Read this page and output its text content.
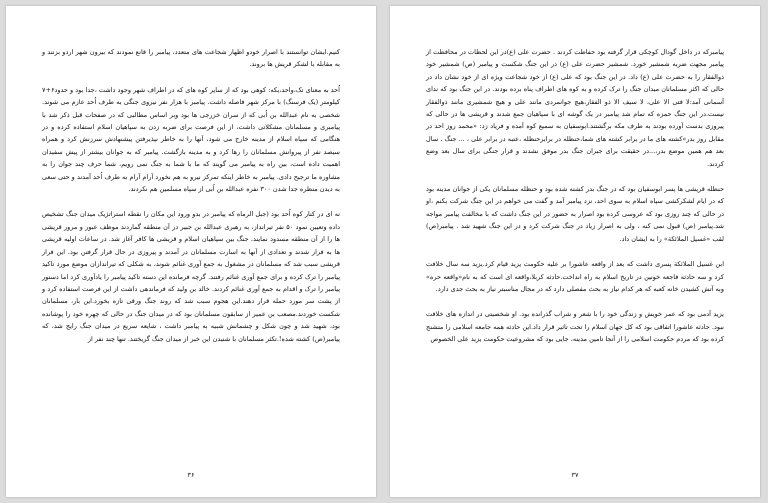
کنیم.ایشان توانستند با اصرار خودو اظهار شجاعت های متعدد، پیامبر را قانع نمودند که بیرون شهر اردو بزنند و به مقابله با لشکر قریش ها بروند.

اُحد به معنای تک،واحد،یکه: کوهی بود که از سایر کوه های که در اطراف شهر وجود داشت ،جدا بود و حدود۶+۷ کیلومتر (یک فرسنگ) با مرکز شهر فاصله داشت. پیامبر با هزار نفر نیروی جنگی به طرف اُحد عازم می شوند. شخصی به نام عبدالله بن اُبی که از سران خزرجی ها بود وبر اساس مطالبی که در صفحات قبل ذکر شد با پیامبری و مسلمانان مشکلاتی داشت، از این فرصت برای ضربه زدن به سپاهیان اسلام استفاده کرده و در هنگامی که سپاه اسلام از مدینه خارج می شود، آنها را به خاطر نپذیرفتن پیشنهادش سرزنش کرد و همراه سیصد نفر از پیروانش مسلمانان را رها کرد و به مدینه بازگشت. پیامبر که به جوانان بیشتر از پیش سفیدان اهمیت داده است، بین راه به پیامبر می گویند که ما با شما به جنگ نمی رویم، شما حرف چند جوان را به مشاوره ما ترجیح دادی. پیامبر به خاطر اینکه تمرکز نیرو به هم نخورد آرام آرام به طرف اُحد آمدند و حتی سعی به دیدن منظره جدا شدن ۳۰۰ نفره عبدالله بن اُبی از سپاه مسلمین هم نکردند.

نه ای در کنار کوه اُحد بود (جبل الرماه که پیامبر در بدو ورود این مکان را نقطه استراتژیک میدان جنگ تشخیص داده وتعیین نمود ۵۰ نفر تیرانداز، به رهبری عبدالله بن جبیر در آن منطقه گماردند موظف عبور و مرور قریشی ها را از آن منطقه مسدود نمایند. جنگ بین سپاهیان اسلام و قریشی ها کافر آغاز شد. در ساعات اولیه قریشی ها به فرار شدند و تعدادی از آنها به اسارت مسلمانان در آمدند و پیروزی در حال قرار گرفتن بود. این فرار قریشی سبب شد که مسلمانان در مشغول به جمع آوری غنائم شوند، به شکلی که تیراندازان موضع مورد تاکید پیامبر را ترک کرده و برای جمع آوری غنائم رفتند. گرچه فرمانده این دسته تاکید پیامبر را یادآوری کرد اما دستور پیامبر را ترک و اقدام به جمع آوری غنائم کردند. خالد بن ولید که فرماندهی داشت از این فرصت استفاده کرد و از پشت سر مورد حمله قرار دهند.این هجوم سبب شد که روند جنگ ورقی تازه بخورد.این بار، مسلمانان شکست خوردند.مصعب بن عمیر از سابقون مسلمانان بود که در میدان جنگ در حالی که چهره خود را پوشانده بود، شهید شد و چون شکل و چشمانش شبیه به پیامبر داشت ، شایعه سریع در میدان جنگ رایج شد، که پیامبر(ص) کشته شده!.تکثر مسلمانان با شنیدن این خبر از میدان جنگ گریختند. تنها چند نفر از

۳۶

پیامبرکه در داخل گودال کوچکی قرار گرفته بود حفاظت کردند . حضرت علی (ع)در این لحظات در محافظت از پیامبر مجهت ضربه شمشیر خورد. شمشیر حضرت علی (ع) در این جنگ شکست و پیامبر (ص) شمشیر خود ذوالفقار را به حضرت علی (ع) داد. در این جنگ بود که علی (ع) از خود شجاعت ویژه ای از خود نشان داد در حالی که اکثر مسلمانان میدان جنگ را ترک کرده و به کوه های اطراف پناه برده بودند. در این جنگ بود که ندای آسمانی آمد:لا فتی الا علی، لا سیف الا ذو الفقار،هیچ جوانمردی مانند علی و هیچ شمشیری مانند ذوالفقار نیست.در این جنگ حمزه که تمام شد پیامبر در یک گوشه ای با سپاهیان جمع شدند و قریشی ها در حالی که پیروزی بدست آورده بودند به طرف مکه برگشتند.ابوسفیان به سمیع کوه آمده و فریاد زد: «محمد روز احد در مقابل روز بدر»کشته های ما در برابر کشته های شما،حنظله در برابرحنظله ،عتبه در برابر علی ، ... جنگ . سال بعد هم همین موضع بدر،...در حقیقت برای جبران جنگ بدر موفق نشدند و قرار جنگی برای سال بعد وضع کردند.

حنظله قریشی ها پسر ابوسفیان بود که در جنگ بدر کشته شده بود و حنظله مسلمانان یکی از جوانان مدینه بود که در ایام لشکرکشی سپاه اسلام به سوی احد، نزد پیامبر آمد و گفت می خواهم در این جنگ شرکت بکنم ،او در حالی که چند روزی بود که عروسی کرده بود اصرار به حضور در این جنگ داشت که با مخالفت پیامبر مواجه شد.پیامبر (ص) قبول نمی کنه ، ولی به اصرار زیاد در جنگ شرکت کرد و در این جنگ شهید شد . پیامبر(ص) لقب «غسیل الملائکة» را به ایشان داد.

ابن غسیل الملائکة پسری داشت که بعد از واقعه عاشورا بر علیه حکومت یزید قیام کرد.یزید سه سال خلافت کرد و سه حادثه فاجعه خونین در تاریخ اسلام به راه انداخت.حادثه کربلا،واقعه ای است که به نام«واقعه حره» وبه آتش کشیدن خانه کعبه که هر کدام نیاز به بحث مفصلی دارد که در مجال مناسبتر نیاز به بحث جدی دارد.

یزید آدمی بود که عمر خویش و زندگی خود را با شعر و شراب گذرانده بود. او شخصیتی در اندازه های خلافت نبود. حادثه عاشورا اتفاقی بود که کل جهان اسلام را تحت تاثیر قرار داد.این حادثه همه جامعه اسلامی را متشنج کرده بود که مردم حکومت اسلامی را از آنجا تامین مدینه، جایی بود که مشروعیت حکومت یزید علی الخصوص

۳۷
